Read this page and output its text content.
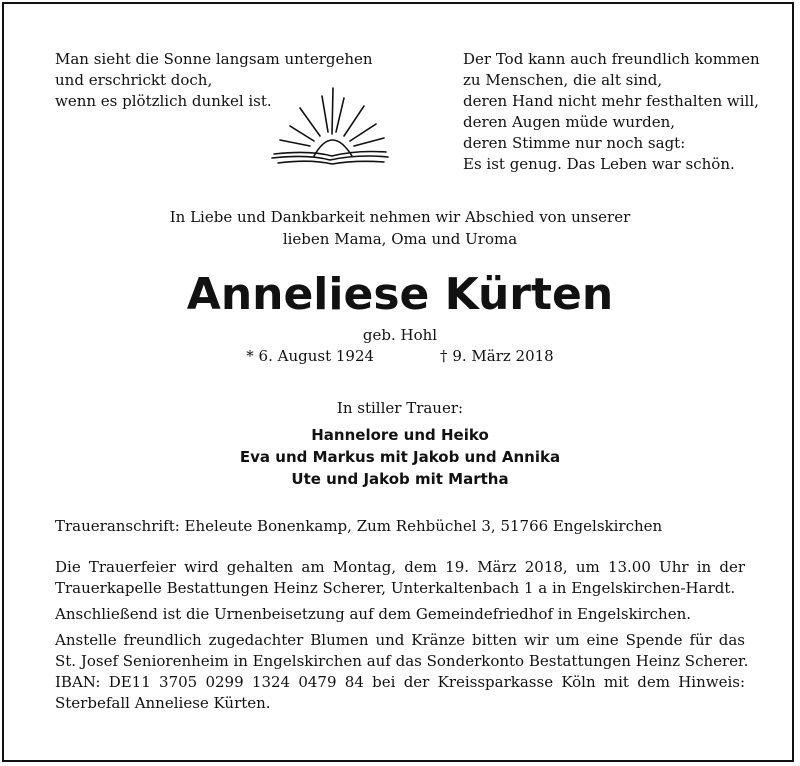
Man sieht die Sonne langsam untergehen
und erschrickt doch,
wenn es plötzlich dunkel ist.
Der Tod kann auch freundlich kommen
zu Menschen, die alt sind,
deren Hand nicht mehr festhalten will,
deren Augen müde wurden,
deren Stimme nur noch sagt:
Es ist genug. Das Leben war schön.
In Liebe und Dankbarkeit nehmen wir Abschied von unserer
lieben Mama, Oma und Uroma
Anneliese Kürten
geb. Hohl
* 6. August 1924	† 9. März 2018
In stiller Trauer:
Hannelore und Heiko
Eva und Markus mit Jakob und Annika
Ute und Jakob mit Martha
Traueranschrift: Eheleute Bonenkamp, Zum Rehbüchel 3, 51766 Engelskirchen
Die Trauerfeier wird gehalten am Montag, dem 19. März 2018, um 13.00 Uhr in der
Trauerkapelle Bestattungen Heinz Scherer, Unterkaltenbach 1 a in Engelskirchen-Hardt.
Anschließend ist die Urnenbeisetzung auf dem Gemeindefriedhof in Engelskirchen.
Anstelle freundlich zugedachter Blumen und Kränze bitten wir um eine Spende für das
St. Josef Seniorenheim in Engelskirchen auf das Sonderkonto Bestattungen Heinz Scherer.
IBAN: DE11 3705 0299 1324 0479 84 bei der Kreissparkasse Köln mit dem Hinweis:
Sterbefall Anneliese Kürten.
